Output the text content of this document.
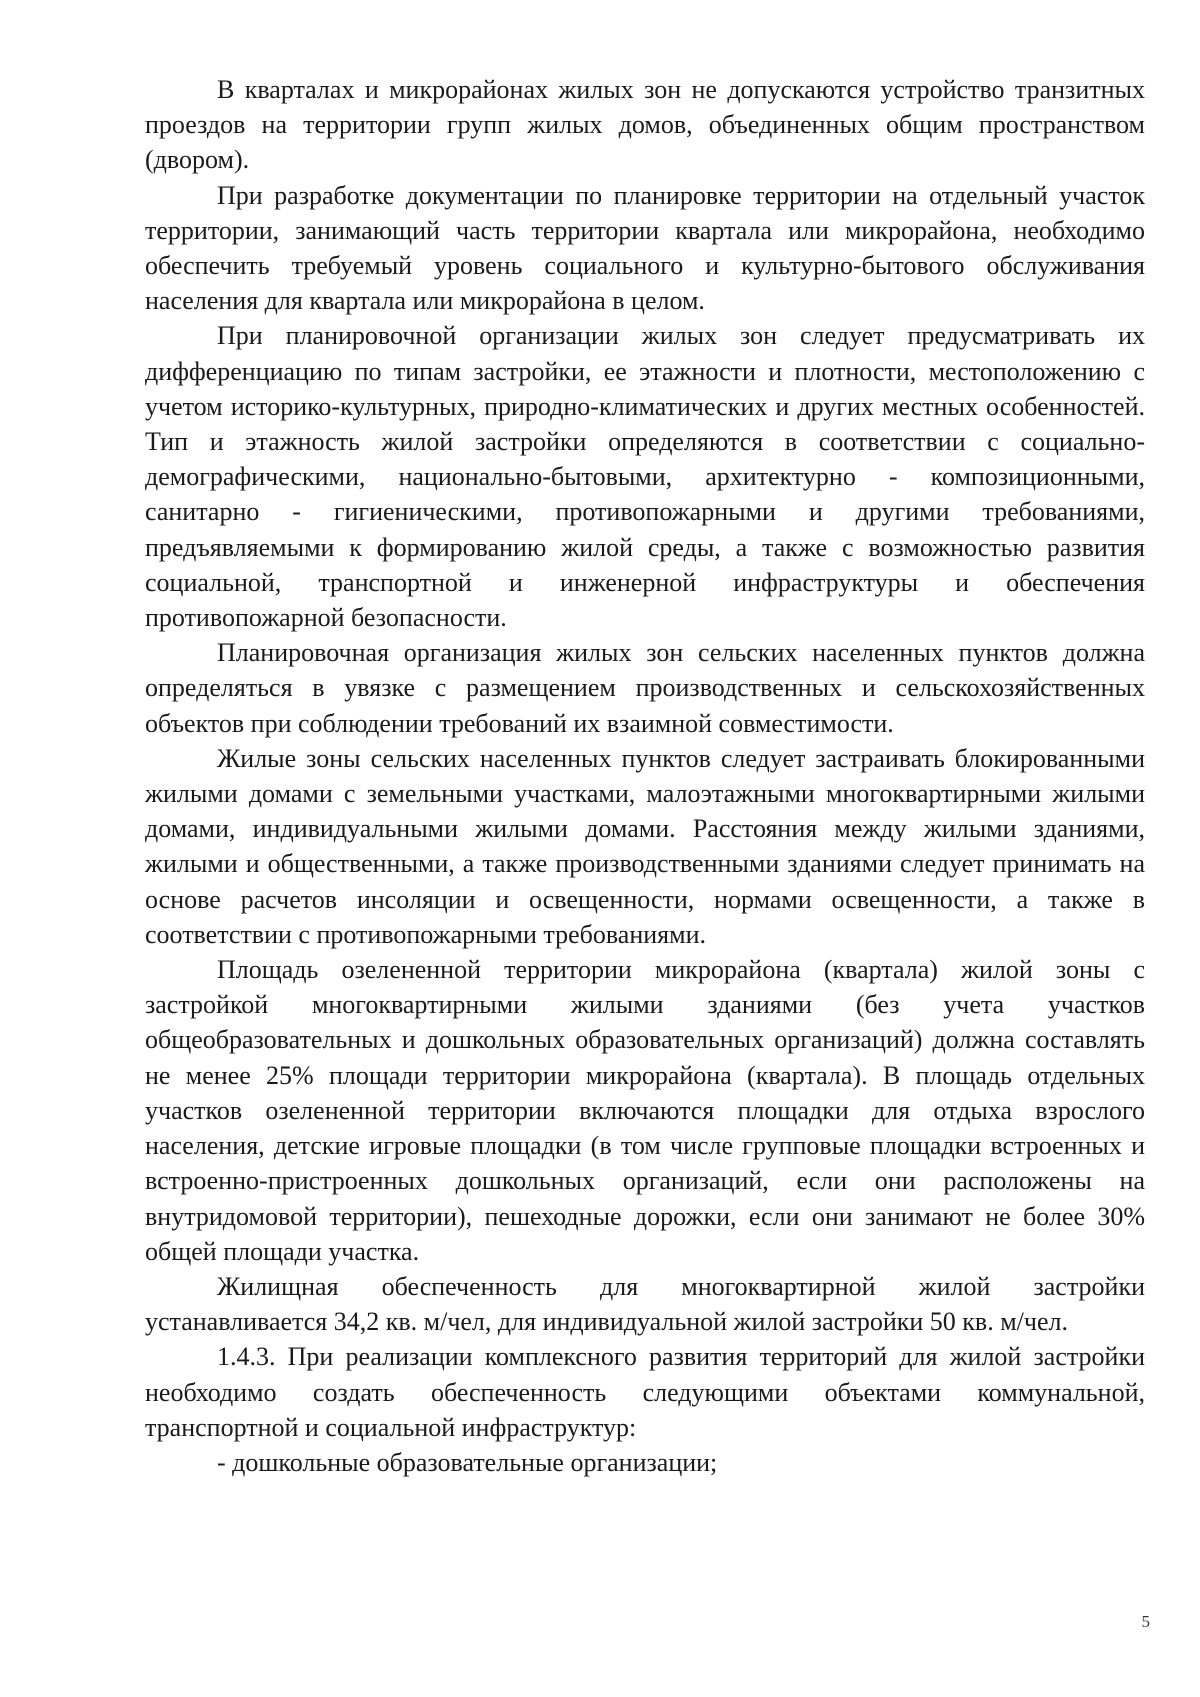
В кварталах и микрорайонах жилых зон не допускаются устройство транзитных проездов на территории групп жилых домов, объединенных общим пространством (двором).

При разработке документации по планировке территории на отдельный участок территории, занимающий часть территории квартала или микрорайона, необходимо обеспечить требуемый уровень социального и культурно-бытового обслуживания населения для квартала или микрорайона в целом.

При планировочной организации жилых зон следует предусматривать их дифференциацию по типам застройки, ее этажности и плотности, местоположению с учетом историко-культурных, природно-климатических и других местных особенностей. Тип и этажность жилой застройки определяются в соответствии с социально-демографическими, национально-бытовыми, архитектурно - композиционными, санитарно - гигиеническими, противопожарными и другими требованиями, предъявляемыми к формированию жилой среды, а также с возможностью развития социальной, транспортной и инженерной инфраструктуры и обеспечения противопожарной безопасности.

Планировочная организация жилых зон сельских населенных пунктов должна определяться в увязке с размещением производственных и сельскохозяйственных объектов при соблюдении требований их взаимной совместимости.

Жилые зоны сельских населенных пунктов следует застраивать блокированными жилыми домами с земельными участками, малоэтажными многоквартирными жилыми домами, индивидуальными жилыми домами. Расстояния между жилыми зданиями, жилыми и общественными, а также производственными зданиями следует принимать на основе расчетов инсоляции и освещенности, нормами освещенности, а также в соответствии с противопожарными требованиями.

Площадь озелененной территории микрорайона (квартала) жилой зоны с застройкой многоквартирными жилыми зданиями (без учета участков общеобразовательных и дошкольных образовательных организаций) должна составлять не менее 25% площади территории микрорайона (квартала). В площадь отдельных участков озелененной территории включаются площадки для отдыха взрослого населения, детские игровые площадки (в том числе групповые площадки встроенных и встроенно-пристроенных дошкольных организаций, если они расположены на внутридомовой территории), пешеходные дорожки, если они занимают не более 30% общей площади участка.

Жилищная обеспеченность для многоквартирной жилой застройки устанавливается 34,2 кв. м/чел, для индивидуальной жилой застройки 50 кв. м/чел.

1.4.3. При реализации комплексного развития территорий для жилой застройки необходимо создать обеспеченность следующими объектами коммунальной, транспортной и социальной инфраструктур:

- дошкольные образовательные организации;

5
